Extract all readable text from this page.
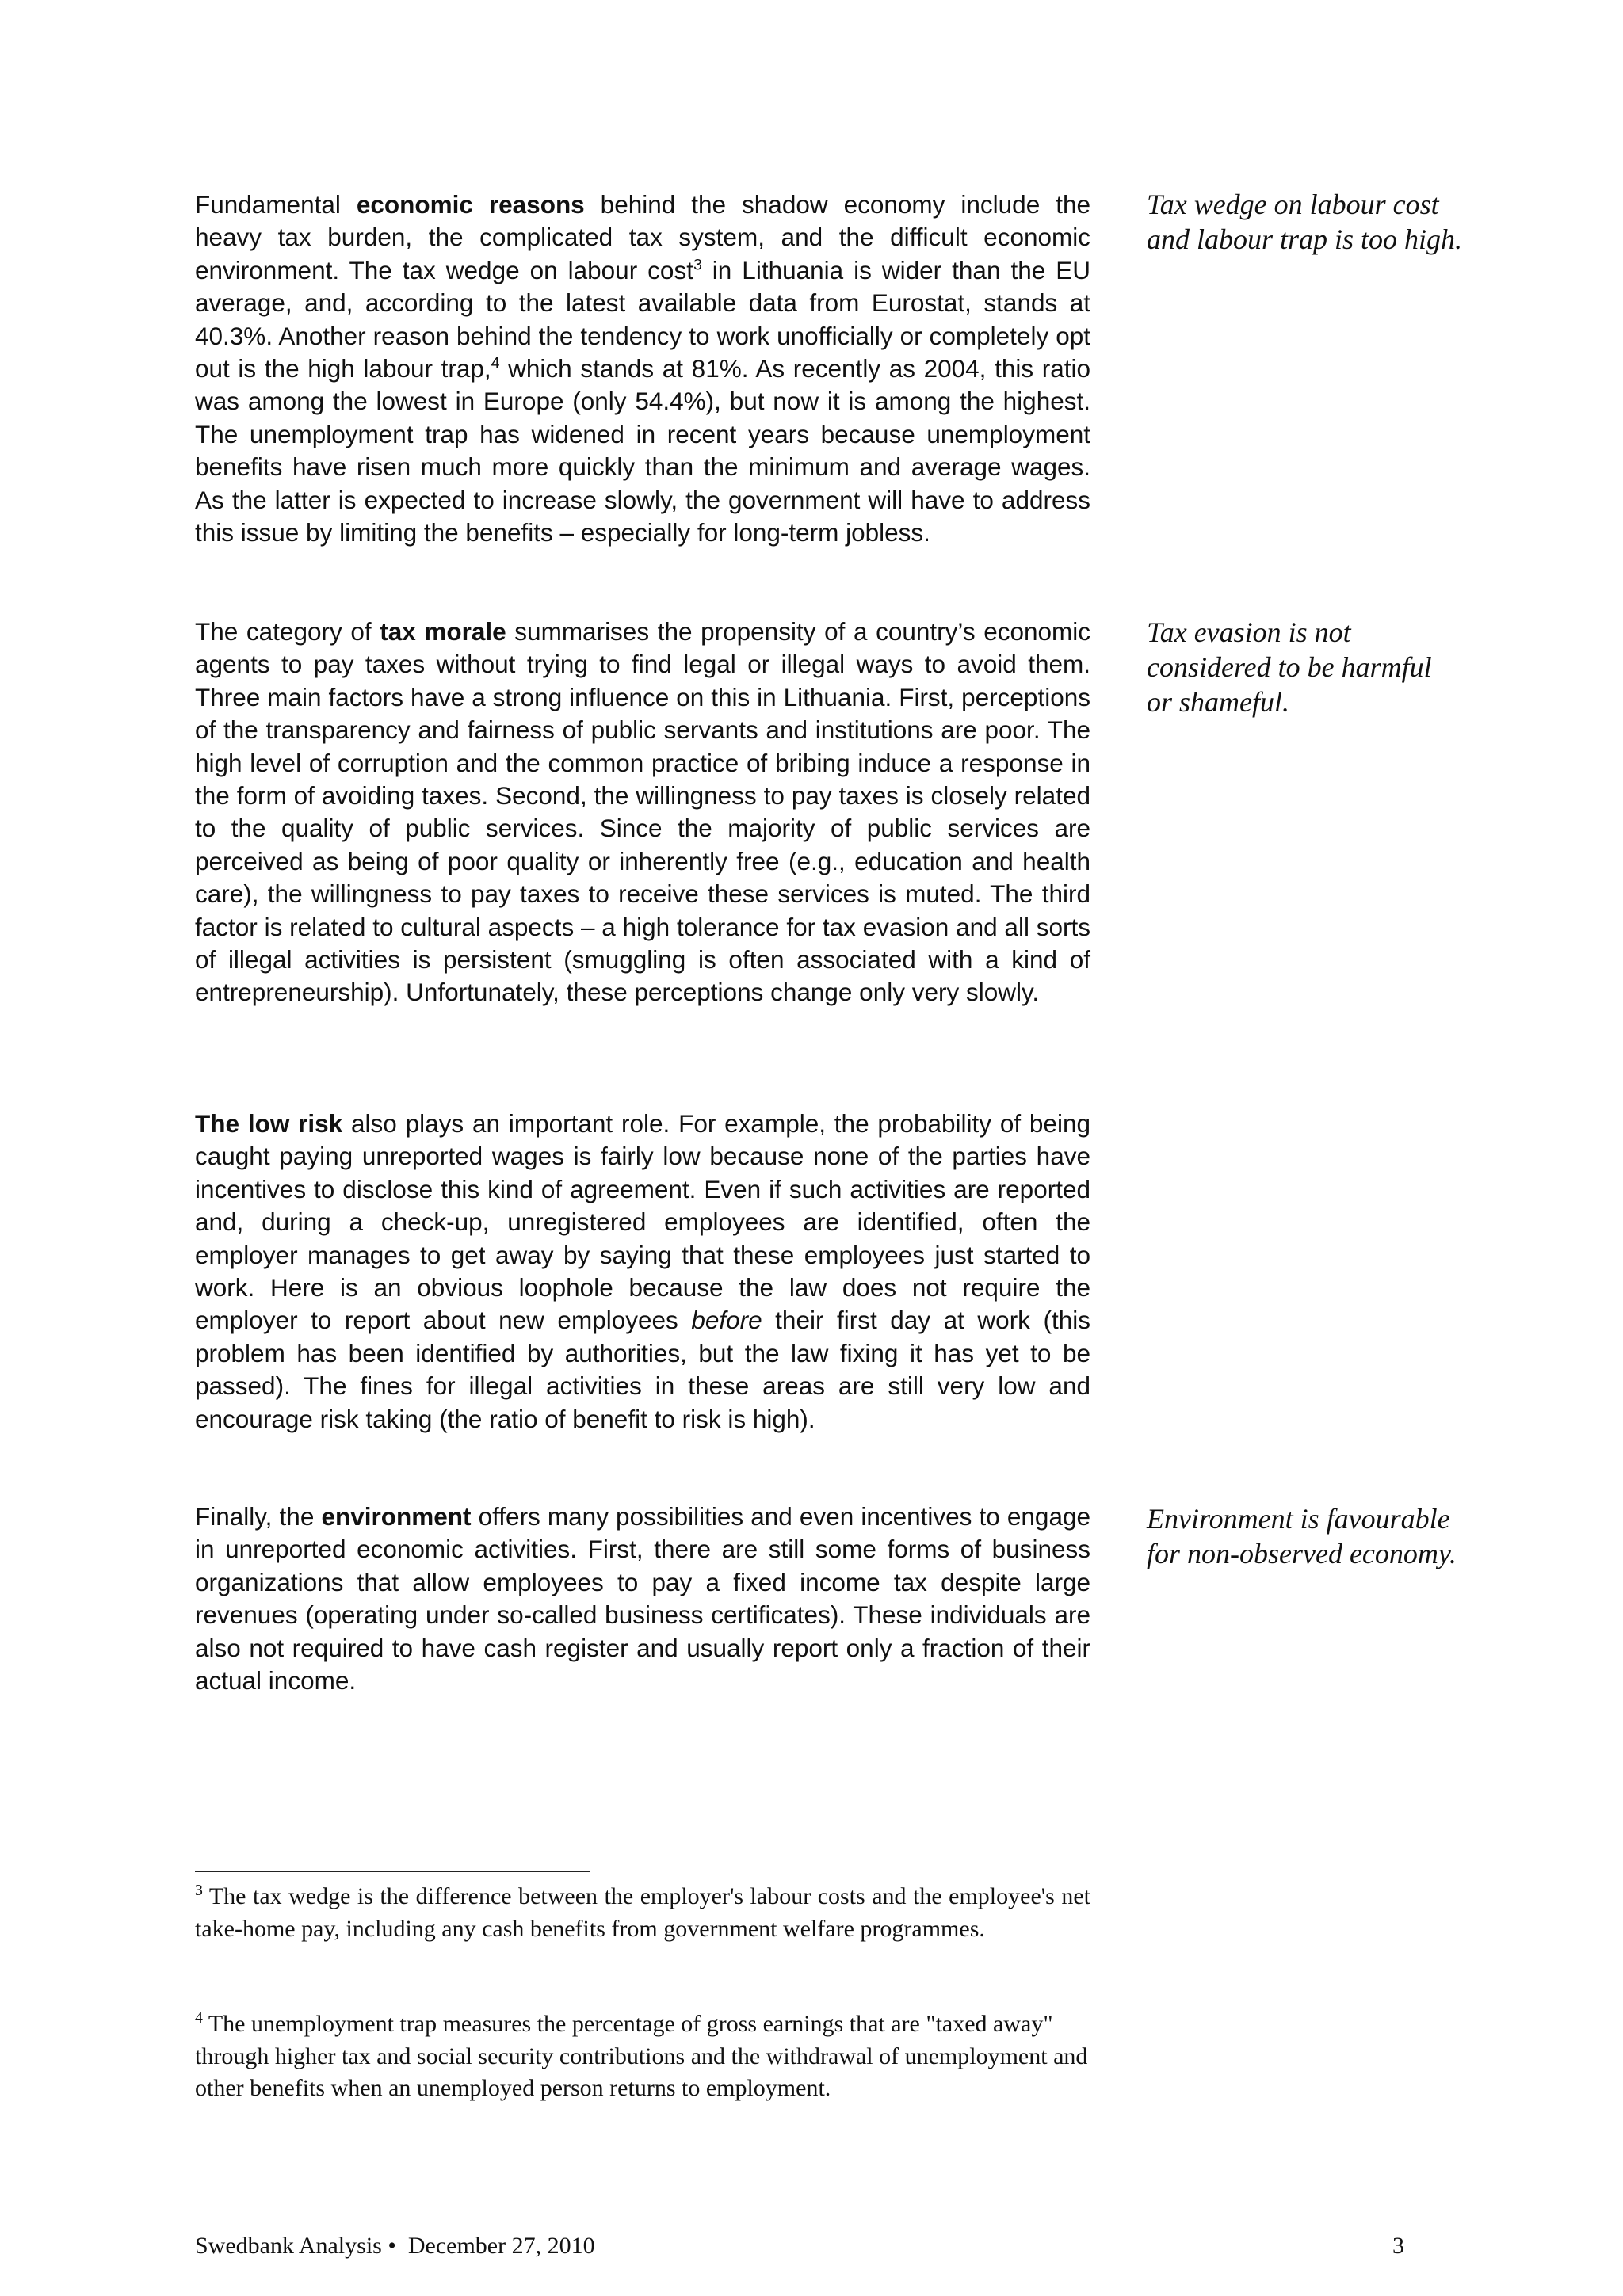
Fundamental economic reasons behind the shadow economy include the heavy tax burden, the complicated tax system, and the difficult economic environment. The tax wedge on labour cost$^3$ in Lithuania is wider than the EU average, and, according to the latest available data from Eurostat, stands at 40.3%. Another reason behind the tendency to work unofficially or completely opt out is the high labour trap,$^4$ which stands at 81%. As recently as 2004, this ratio was among the lowest in Europe (only 54.4%), but now it is among the highest. The unemployment trap has widened in recent years because unemployment benefits have risen much more quickly than the minimum and average wages. As the latter is expected to increase slowly, the government will have to address this issue by limiting the benefits – especially for long-term jobless.

The category of tax morale summarises the propensity of a country’s economic agents to pay taxes without trying to find legal or illegal ways to avoid them. Three main factors have a strong influence on this in Lithuania. First, perceptions of the transparency and fairness of public servants and institutions are poor. The high level of corruption and the common practice of bribing induce a response in the form of avoiding taxes. Second, the willingness to pay taxes is closely related to the quality of public services. Since the majority of public services are perceived as being of poor quality or inherently free (e.g., education and health care), the willingness to pay taxes to receive these services is muted. The third factor is related to cultural aspects – a high tolerance for tax evasion and all sorts of illegal activities is persistent (smuggling is often associated with a kind of entrepreneurship). Unfortunately, these perceptions change only very slowly.

The low risk also plays an important role. For example, the probability of being caught paying unreported wages is fairly low because none of the parties have incentives to disclose this kind of agreement. Even if such activities are reported and, during a check-up, unregistered employees are identified, often the employer manages to get away by saying that these employees just started to work. Here is an obvious loophole because the law does not require the employer to report about new employees before their first day at work (this problem has been identified by authorities, but the law fixing it has yet to be passed). The fines for illegal activities in these areas are still very low and encourage risk taking (the ratio of benefit to risk is high).

Finally, the environment offers many possibilities and even incentives to engage in unreported economic activities. First, there are still some forms of business organizations that allow employees to pay a fixed income tax despite large revenues (operating under so-called business certificates). These individuals are also not required to have cash register and usually report only a fraction of their actual income.

Tax wedge on labour cost and labour trap is too high.
Tax evasion is not considered to be harmful or shameful.
Environment is favourable for non-observed economy.

$^3$ The tax wedge is the difference between the employer's labour costs and the employee's net take-home pay, including any cash benefits from government welfare programmes.

$^4$ The unemployment trap measures the percentage of gross earnings that are "taxed away" through higher tax and social security contributions and the withdrawal of unemployment and other benefits when an unemployed person returns to employment.

Swedbank Analysis • December 27, 2010	3
